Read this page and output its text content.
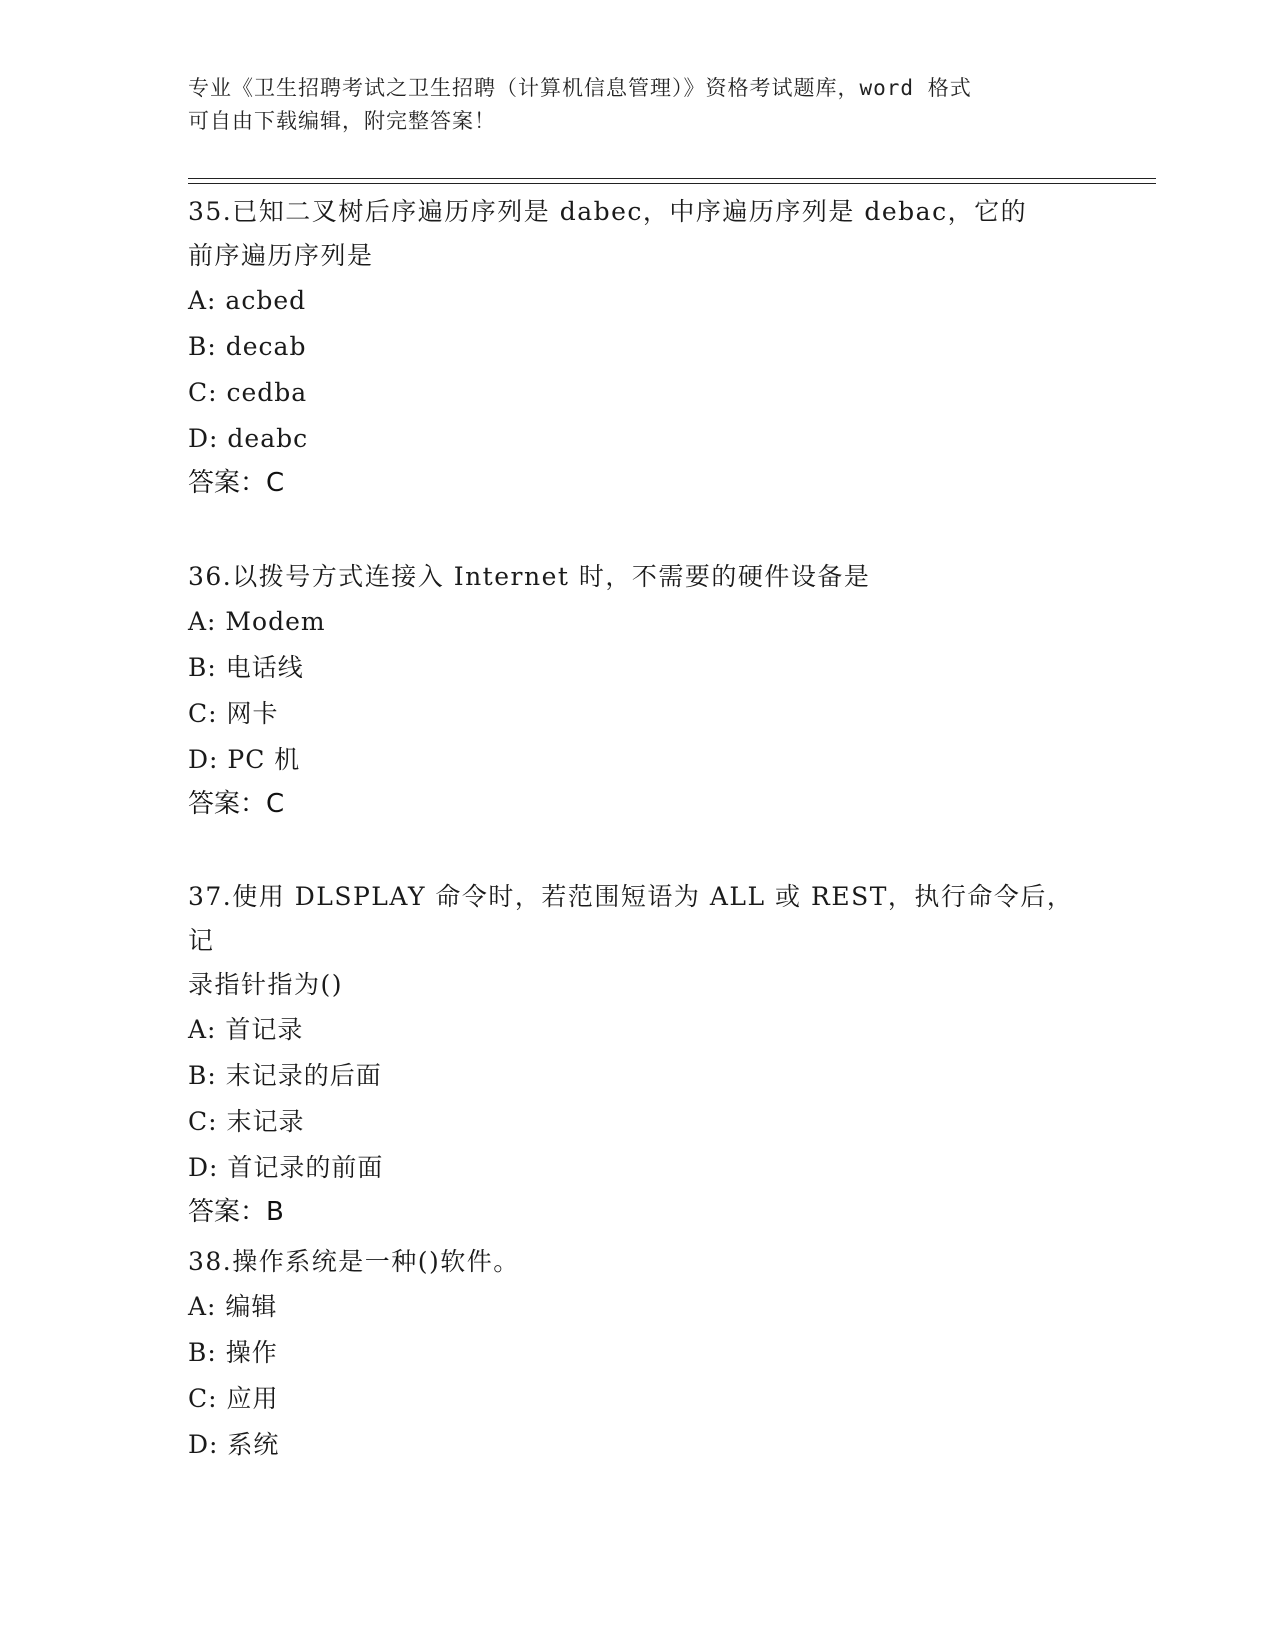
专业《卫生招聘考试之卫生招聘（计算机信息管理）》资格考试题库，word 格式

可自由下载编辑，附完整答案！

35.已知二叉树后序遍历序列是 dabec，中序遍历序列是 debac，它的

前序遍历序列是

A: acbed

B: decab

C: cedba

D: deabc

答案：C

36.以拨号方式连接入 Internet 时，不需要的硬件设备是

A: Modem

B: 电话线

C: 网卡

D: PC 机

答案：C

37.使用 DLSPLAY 命令时，若范围短语为 ALL 或 REST，执行命令后，记

录指针指为()

A: 首记录

B: 末记录的后面

C: 末记录

D: 首记录的前面

答案：B

38.操作系统是一种()软件。

A: 编辑

B: 操作

C: 应用

D: 系统
